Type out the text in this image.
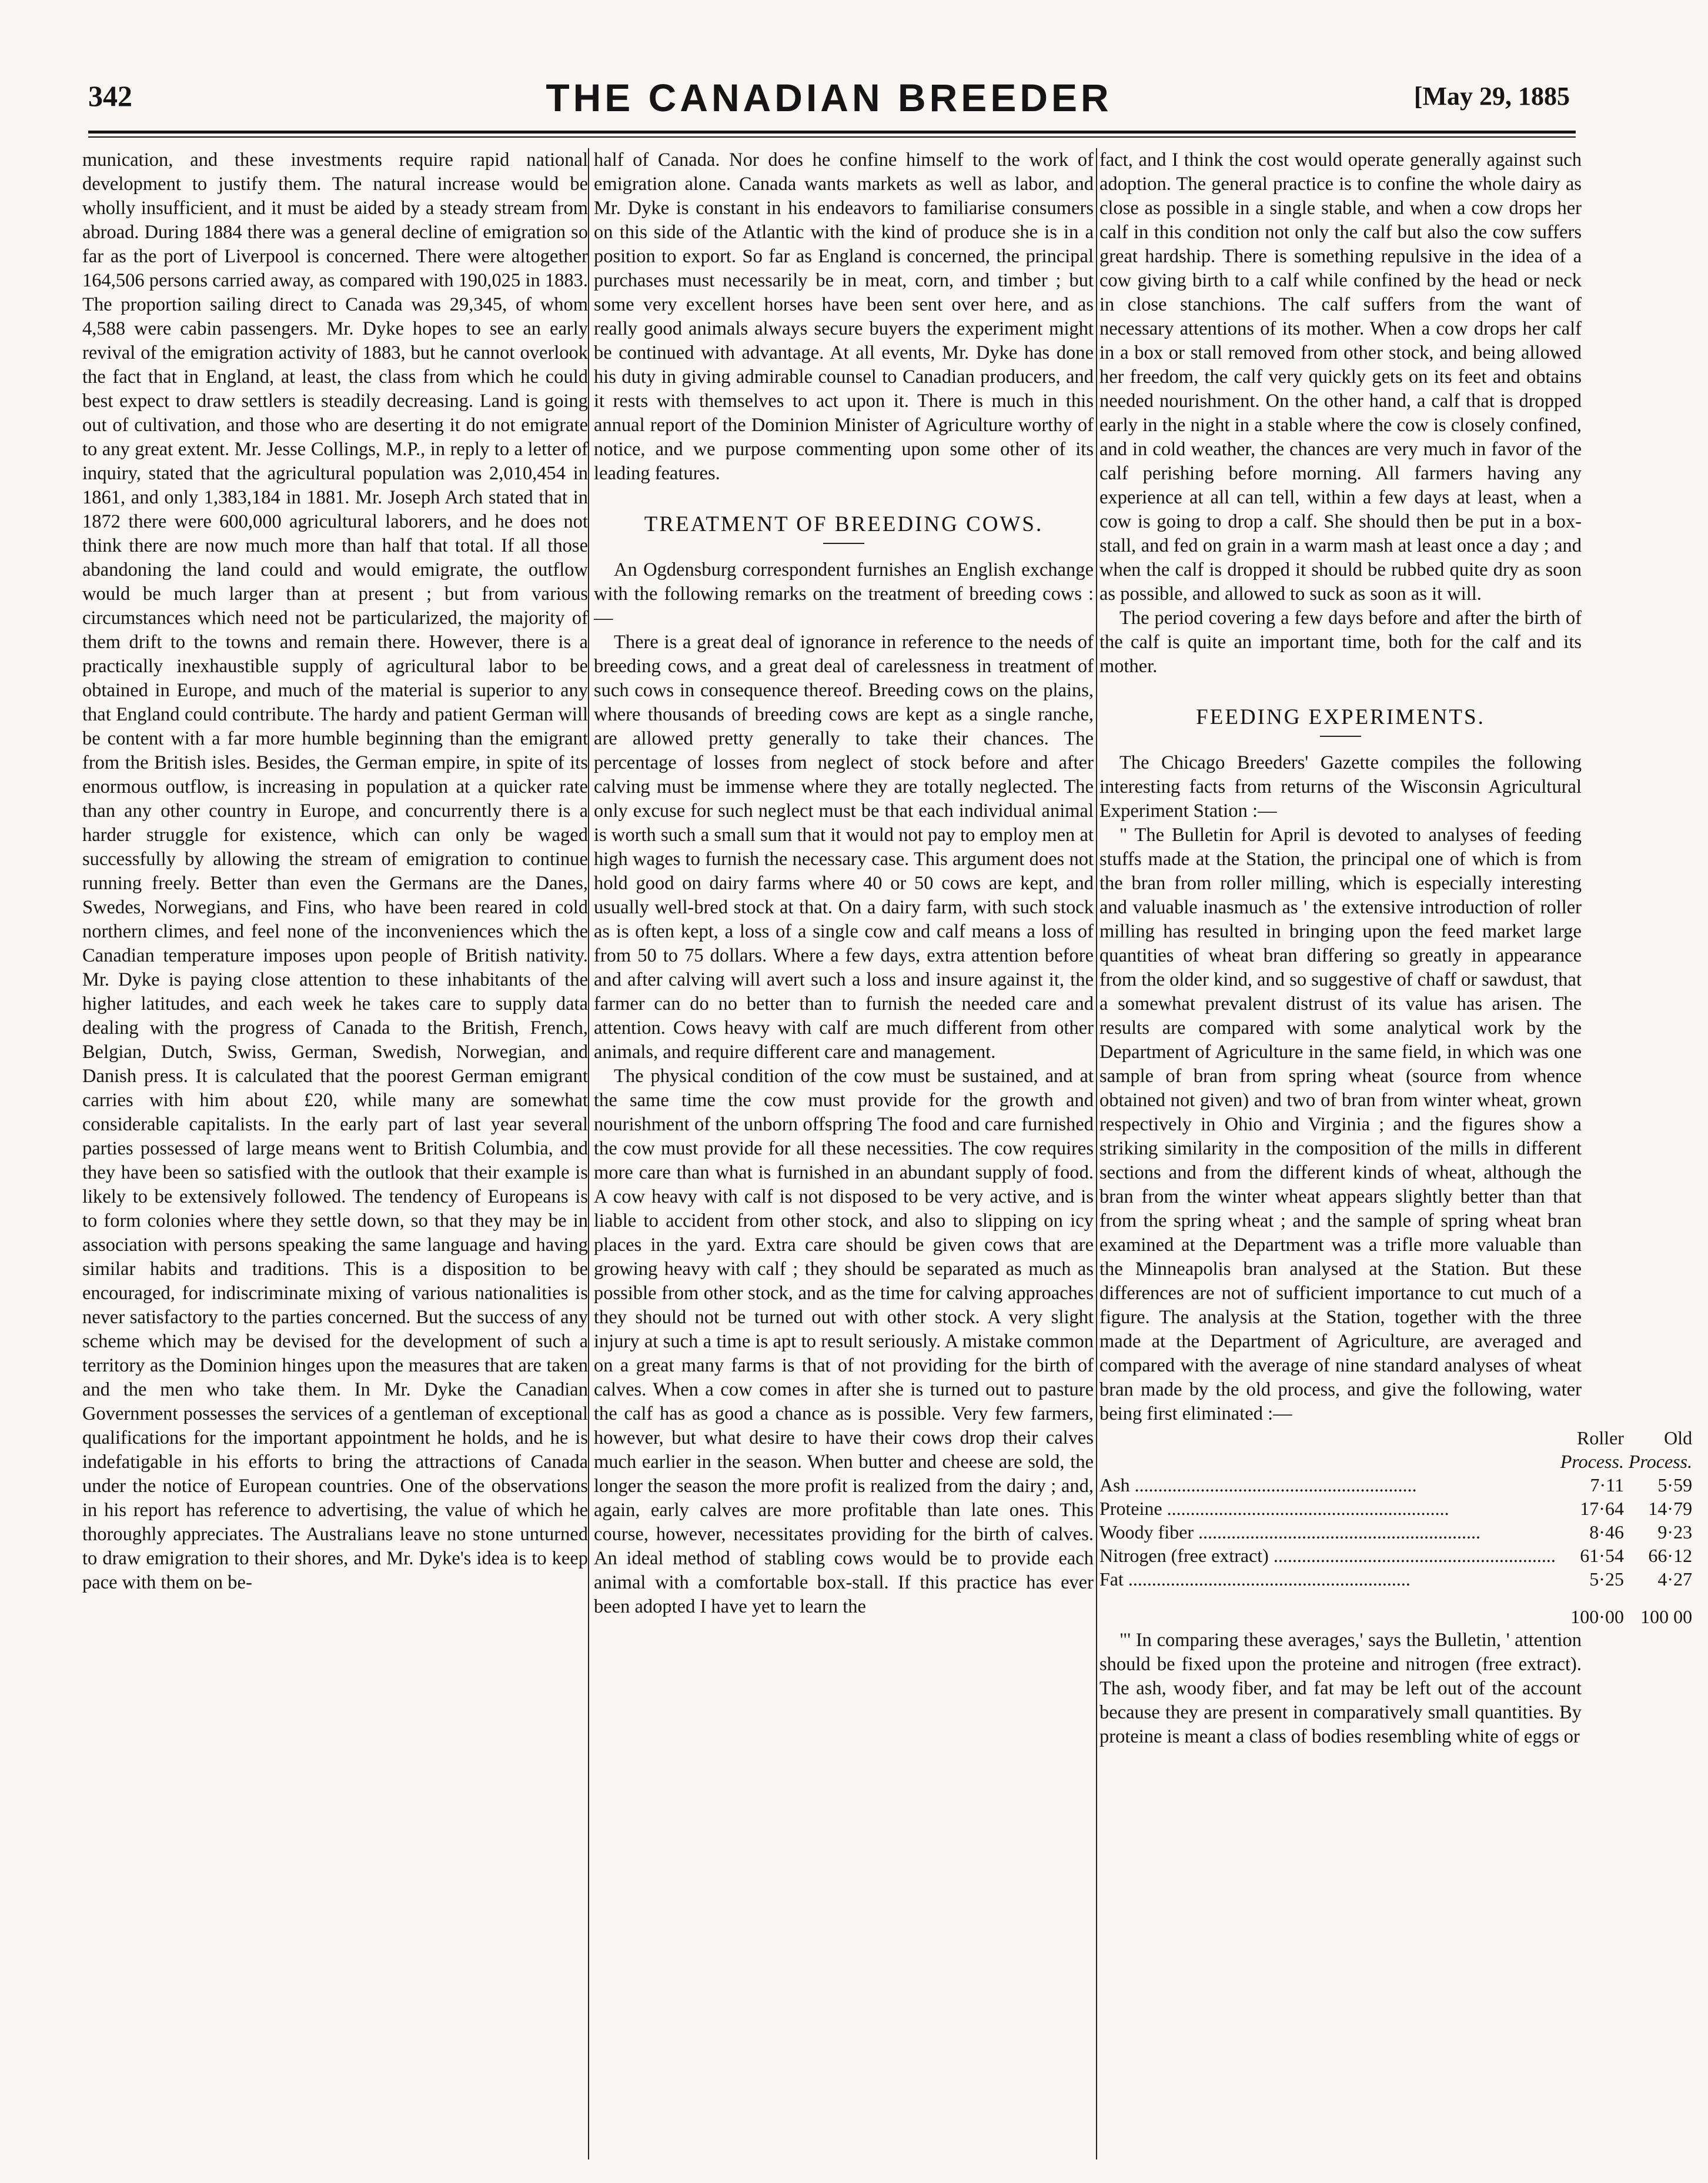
342	THE CANADIAN BREEDER	[May 29, 1885

munication, and these investments require rapid national development to justify them. The natural increase would be wholly insufficient, and it must be aided by a steady stream from abroad. During 1884 there was a general decline of emigration so far as the port of Liverpool is concerned. There were altogether 164,506 persons carried away, as compared with 190,025 in 1883. The proportion sailing direct to Canada was 29,345, of whom 4,588 were cabin passengers. Mr. Dyke hopes to see an early revival of the emigration activity of 1883, but he cannot overlook the fact that in England, at least, the class from which he could best expect to draw settlers is steadily decreasing. Land is going out of cultivation, and those who are deserting it do not emigrate to any great extent. Mr. Jesse Collings, M.P., in reply to a letter of inquiry, stated that the agricultural population was 2,010,454 in 1861, and only 1,383,184 in 1881. Mr. Joseph Arch stated that in 1872 there were 600,000 agricultural laborers, and he does not think there are now much more than half that total. If all those abandoning the land could and would emigrate, the outflow would be much larger than at present ; but from various circumstances which need not be particularized, the majority of them drift to the towns and remain there. However, there is a practically inexhaustible supply of agricultural labor to be obtained in Europe, and much of the material is superior to any that England could contribute. The hardy and patient German will be content with a far more humble beginning than the emigrant from the British isles. Besides, the German empire, in spite of its enormous outflow, is increasing in population at a quicker rate than any other country in Europe, and concurrently there is a harder struggle for existence, which can only be waged successfully by allowing the stream of emigration to continue running freely. Better than even the Germans are the Danes, Swedes, Norwegians, and Fins, who have been reared in cold northern climes, and feel none of the inconveniences which the Canadian temperature imposes upon people of British nativity. Mr. Dyke is paying close attention to these inhabitants of the higher latitudes, and each week he takes care to supply data dealing with the progress of Canada to the British, French, Belgian, Dutch, Swiss, German, Swedish, Norwegian, and Danish press. It is calculated that the poorest German emigrant carries with him about £20, while many are somewhat considerable capitalists. In the early part of last year several parties possessed of large means went to British Columbia, and they have been so satisfied with the outlook that their example is likely to be extensively followed. The tendency of Europeans is to form colonies where they settle down, so that they may be in association with persons speaking the same language and having similar habits and traditions. This is a disposition to be encouraged, for indiscriminate mixing of various nationalities is never satisfactory to the parties concerned. But the success of any scheme which may be devised for the development of such a territory as the Dominion hinges upon the measures that are taken and the men who take them. In Mr. Dyke the Canadian Government possesses the services of a gentleman of exceptional qualifications for the important appointment he holds, and he is indefatigable in his efforts to bring the attractions of Canada under the notice of European countries. One of the observations in his report has reference to advertising, the value of which he thoroughly appreciates. The Australians leave no stone unturned to draw emigration to their shores, and Mr. Dyke's idea is to keep pace with them on be-

half of Canada. Nor does he confine himself to the work of emigration alone. Canada wants markets as well as labor, and Mr. Dyke is constant in his endeavors to familiarise consumers on this side of the Atlantic with the kind of produce she is in a position to export. So far as England is concerned, the principal purchases must necessarily be in meat, corn, and timber ; but some very excellent horses have been sent over here, and as really good animals always secure buyers the experiment might be continued with advantage. At all events, Mr. Dyke has done his duty in giving admirable counsel to Canadian producers, and it rests with themselves to act upon it. There is much in this annual report of the Dominion Minister of Agriculture worthy of notice, and we purpose commenting upon some other of its leading features.

TREATMENT OF BREEDING COWS.

An Ogdensburg correspondent furnishes an English exchange with the following remarks on the treatment of breeding cows :—

There is a great deal of ignorance in reference to the needs of breeding cows, and a great deal of carelessness in treatment of such cows in consequence thereof. Breeding cows on the plains, where thousands of breeding cows are kept as a single ranche, are allowed pretty generally to take their chances. The percentage of losses from neglect of stock before and after calving must be immense where they are totally neglected. The only excuse for such neglect must be that each individual animal is worth such a small sum that it would not pay to employ men at high wages to furnish the necessary case. This argument does not hold good on dairy farms where 40 or 50 cows are kept, and usually well-bred stock at that. On a dairy farm, with such stock as is often kept, a loss of a single cow and calf means a loss of from 50 to 75 dollars. Where a few days, extra attention before and after calving will avert such a loss and insure against it, the farmer can do no better than to furnish the needed care and attention. Cows heavy with calf are much different from other animals, and require different care and management.

The physical condition of the cow must be sustained, and at the same time the cow must provide for the growth and nourishment of the unborn offspring The food and care furnished the cow must provide for all these necessities. The cow requires more care than what is furnished in an abundant supply of food. A cow heavy with calf is not disposed to be very active, and is liable to accident from other stock, and also to slipping on icy places in the yard. Extra care should be given cows that are growing heavy with calf ; they should be separated as much as possible from other stock, and as the time for calving approaches they should not be turned out with other stock. A very slight injury at such a time is apt to result seriously. A mistake common on a great many farms is that of not providing for the birth of calves. When a cow comes in after she is turned out to pasture the calf has as good a chance as is possible. Very few farmers, however, but what desire to have their cows drop their calves much earlier in the season. When butter and cheese are sold, the longer the season the more profit is realized from the dairy ; and, again, early calves are more profitable than late ones. This course, however, necessitates providing for the birth of calves. An ideal method of stabling cows would be to provide each animal with a comfortable box-stall. If this practice has ever been adopted I have yet to learn the

fact, and I think the cost would operate generally against such adoption. The general practice is to confine the whole dairy as close as possible in a single stable, and when a cow drops her calf in this condition not only the calf but also the cow suffers great hardship. There is something repulsive in the idea of a cow giving birth to a calf while confined by the head or neck in close stanchions. The calf suffers from the want of necessary attentions of its mother. When a cow drops her calf in a box or stall removed from other stock, and being allowed her freedom, the calf very quickly gets on its feet and obtains needed nourishment. On the other hand, a calf that is dropped early in the night in a stable where the cow is closely confined, and in cold weather, the chances are very much in favor of the calf perishing before morning. All farmers having any experience at all can tell, within a few days at least, when a cow is going to drop a calf. She should then be put in a box-stall, and fed on grain in a warm mash at least once a day ; and when the calf is dropped it should be rubbed quite dry as soon as possible, and allowed to suck as soon as it will.

The period covering a few days before and after the birth of the calf is quite an important time, both for the calf and its mother.

FEEDING EXPERIMENTS.

The Chicago Breeders' Gazette compiles the following interesting facts from returns of the Wisconsin Agricultural Experiment Station :—

" The Bulletin for April is devoted to analyses of feeding stuffs made at the Station, the principal one of which is from the bran from roller milling, which is especially interesting and valuable inasmuch as ' the extensive introduction of roller milling has resulted in bringing upon the feed market large quantities of wheat bran differing so greatly in appearance from the older kind, and so suggestive of chaff or sawdust, that a somewhat prevalent distrust of its value has arisen. The results are compared with some analytical work by the Department of Agriculture in the same field, in which was one sample of bran from spring wheat (source from whence obtained not given) and two of bran from winter wheat, grown respectively in Ohio and Virginia ; and the figures show a striking similarity in the composition of the mills in different sections and from the different kinds of wheat, although the bran from the winter wheat appears slightly better than that from the spring wheat ; and the sample of spring wheat bran examined at the Department was a trifle more valuable than the Minneapolis bran analysed at the Station. But these differences are not of sufficient importance to cut much of a figure. The analysis at the Station, together with the three made at the Department of Agriculture, are averaged and compared with the average of nine standard analyses of wheat bran made by the old process, and give the following, water being first eliminated :—

	Roller	Old
	Process.	Process.
Ash .....	7·11	5·59
Proteine .....	17·64	14·79
Woody fiber .....	8·46	9·23
Nitrogen (free extract) .....	61·54	66·12
Fat .....	5·25	4·27
	100·00	100 00

"' In comparing these averages,' says the Bulletin, ' attention should be fixed upon the proteine and nitrogen (free extract). The ash, woody fiber, and fat may be left out of the account because they are present in comparatively small quantities. By proteine is meant a class of bodies resembling white of eggs or
